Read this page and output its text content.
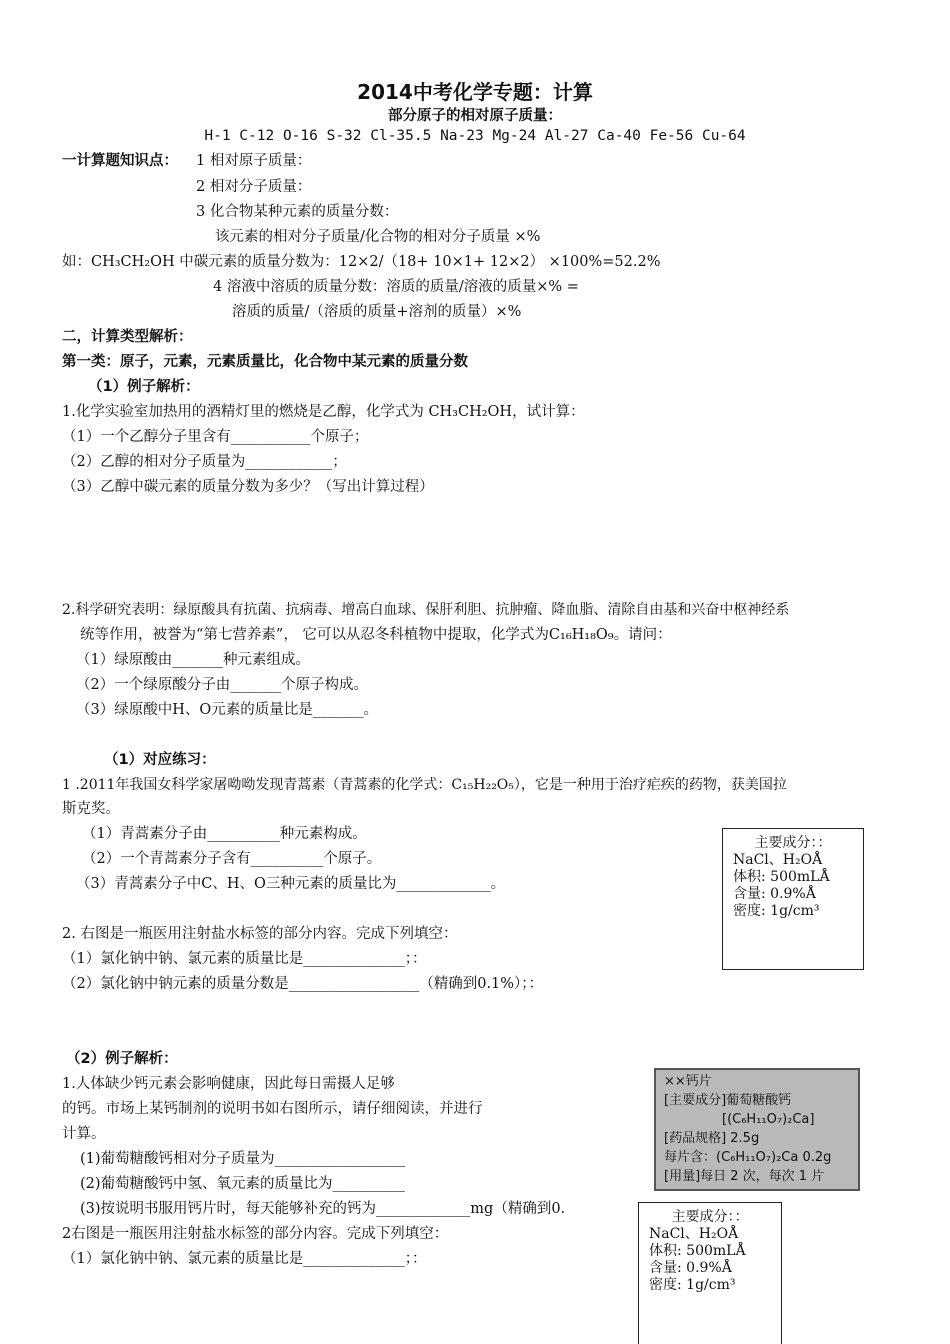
2014中考化学专题：计算
部分原子的相对原子质量：
H-1 C-12 O-16 S-32 Cl-35.5 Na-23 Mg-24 Al-27 Ca-40 Fe-56 Cu-64
一计算题知识点： 1 相对原子质量：
2 相对分子质量：
3 化合物某种元素的质量分数：
该元素的相对分子质量/化合物的相对分子质量 ×%
如：CH₃CH₂OH 中碳元素的质量分数为：12×2/（18+ 10×1+ 12×2） ×100%=52.2%
4 溶液中溶质的质量分数：溶质的质量/溶液的质量×% =
溶质的质量/（溶质的质量+溶剂的质量）×%
二，计算类型解析：
第一类：原子，元素，元素质量比，化合物中某元素的质量分数
（1）例子解析：
1.化学实验室加热用的酒精灯里的燃烧是乙醇，化学式为 CH₃CH₂OH，试计算：
（1）一个乙醇分子里含有___________个原子；
（2）乙醇的相对分子质量为____________；
（3）乙醇中碳元素的质量分数为多少？（写出计算过程）
2.科学研究表明：绿原酸具有抗菌、抗病毒、增高白血球、保肝利胆、抗肿瘤、降血脂、清除自由基和兴奋中枢神经系
统等作用，被誉为“第七营养素”， 它可以从忍冬科植物中提取，化学式为C₁₆H₁₈O₉。请问：
（1）绿原酸由_______种元素组成。
（2）一个绿原酸分子由_______个原子构成。
（3）绿原酸中H、O元素的质量比是_______。
（1）对应练习：
1 .2011年我国女科学家屠呦呦发现青蒿素（青蒿素的化学式：C₁₅H₂₂O₅），它是一种用于治疗疟疾的药物，获美国拉
斯克奖。
（1）青蒿素分子由__________种元素构成。
（2）一个青蒿素分子含有__________个原子。
（3）青蒿素分子中C、H、O三种元素的质量比为_____________。
2. 右图是一瓶医用注射盐水标签的部分内容。完成下列填空：
（1）氯化钠中钠、氯元素的质量比是______________；：
（2）氯化钠中钠元素的质量分数是__________________（精确到0.1%）；：
主要成分：：
NaCl、H₂OÅ
体积: 500mLÅ
含量: 0.9%Å
密度: 1g/cm³
（2）例子解析：
1.人体缺少钙元素会影响健康，因此每日需摄人足够
的钙。市场上某钙制剂的说明书如右图所示，请仔细阅读，并进行
计算。
(1)葡萄糖酸钙相对分子质量为__________________
(2)葡萄糖酸钙中氢、氧元素的质量比为__________
(3)按说明书服用钙片时，每天能够补充的钙为_____________mg（精确到0.
2右图是一瓶医用注射盐水标签的部分内容。完成下列填空：
（1）氯化钠中钠、氯元素的质量比是______________；：
××钙片
[主要成分]葡萄糖酸钙
[(C₆H₁₁O₇)₂Ca]
[药品规格] 2.5g
每片含：(C₆H₁₁O₇)₂Ca 0.2g
[用量]每日 2 次，每次 1 片
主要成分：：
NaCl、H₂OÅ
体积: 500mLÅ
含量: 0.9%Å
密度: 1g/cm³
